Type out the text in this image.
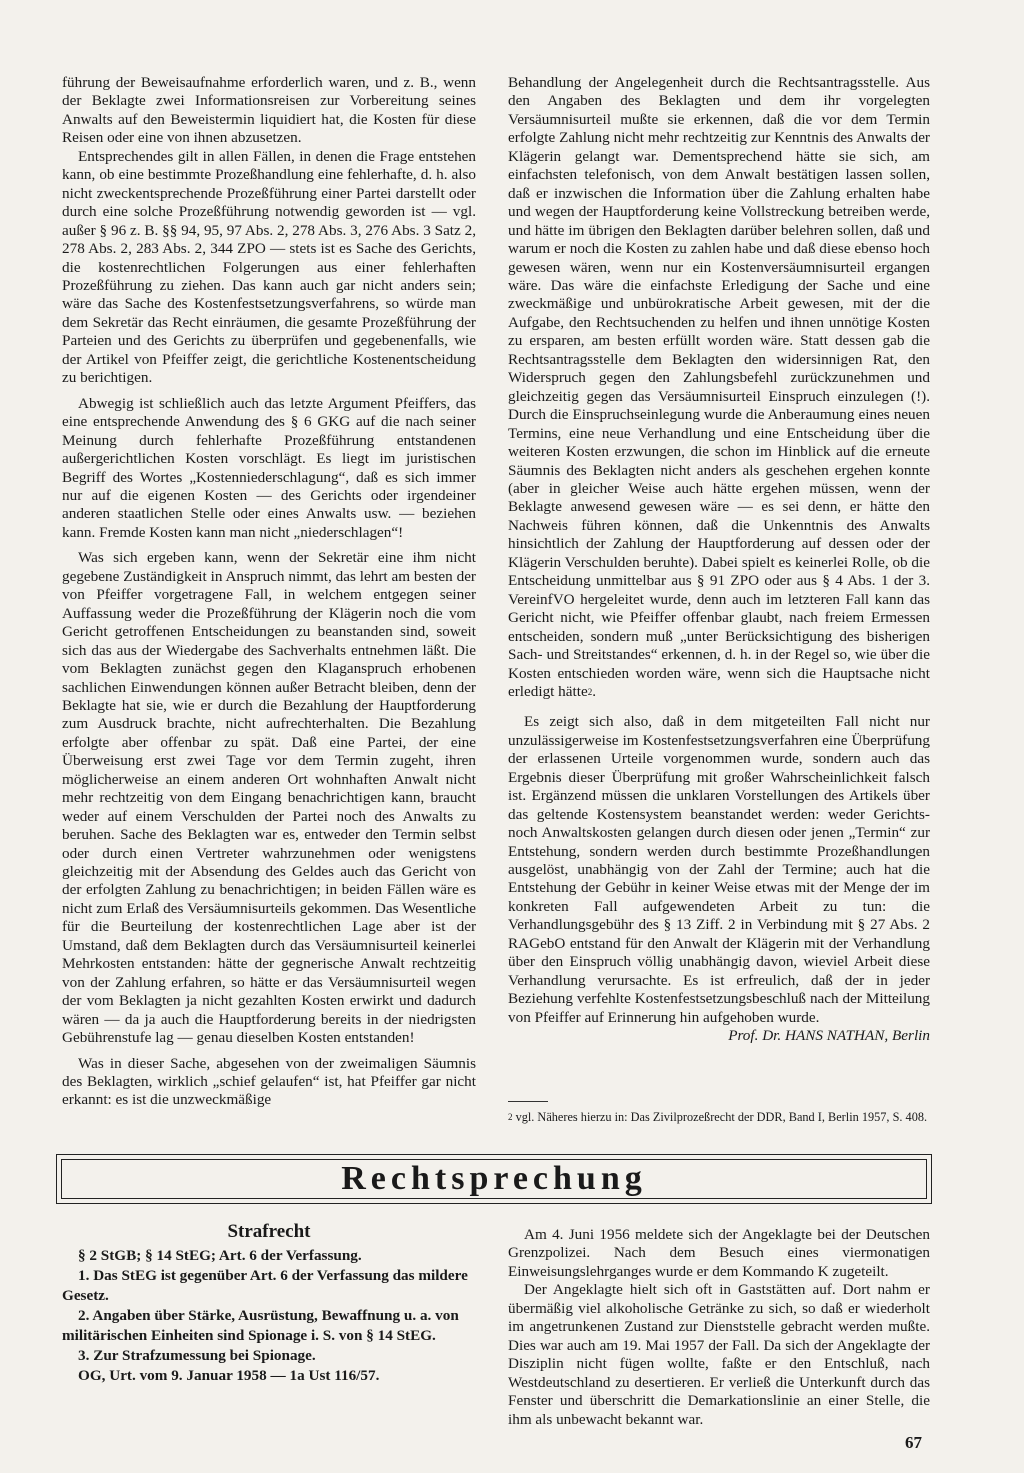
führung der Beweisaufnahme erforderlich waren, und z. B., wenn der Beklagte zwei Informationsreisen zur Vorbereitung seines Anwalts auf den Beweistermin liquidiert hat, die Kosten für diese Reisen oder eine von ihnen abzusetzen.

Entsprechendes gilt in allen Fällen, in denen die Frage entstehen kann, ob eine bestimmte Prozeßhandlung eine fehlerhafte, d. h. also nicht zweckentsprechende Prozeßführung einer Partei darstellt oder durch eine solche Prozeßführung notwendig geworden ist — vgl. außer § 96 z. B. §§ 94, 95, 97 Abs. 2, 278 Abs. 3, 276 Abs. 3 Satz 2, 278 Abs. 2, 283 Abs. 2, 344 ZPO — stets ist es Sache des Gerichts, die kostenrechtlichen Folgerungen aus einer fehlerhaften Prozeßführung zu ziehen. Das kann auch gar nicht anders sein; wäre das Sache des Kostenfestsetzungsverfahrens, so würde man dem Sekretär das Recht einräumen, die gesamte Prozeßführung der Parteien und des Gerichts zu überprüfen und gegebenenfalls, wie der Artikel von Pfeiffer zeigt, die gerichtliche Kostenentscheidung zu berichtigen.

Abwegig ist schließlich auch das letzte Argument Pfeiffers, das eine entsprechende Anwendung des § 6 GKG auf die nach seiner Meinung durch fehlerhafte Prozeßführung entstandenen außergerichtlichen Kosten vorschlägt. Es liegt im juristischen Begriff des Wortes „Kostenniederschlagung“, daß es sich immer nur auf die eigenen Kosten — des Gerichts oder irgendeiner anderen staatlichen Stelle oder eines Anwalts usw. — beziehen kann. Fremde Kosten kann man nicht „niederschlagen“!

Was sich ergeben kann, wenn der Sekretär eine ihm nicht gegebene Zuständigkeit in Anspruch nimmt, das lehrt am besten der von Pfeiffer vorgetragene Fall, in welchem entgegen seiner Auffassung weder die Prozeßführung der Klägerin noch die vom Gericht getroffenen Entscheidungen zu beanstanden sind, soweit sich das aus der Wiedergabe des Sachverhalts entnehmen läßt. Die vom Beklagten zunächst gegen den Klaganspruch erhobenen sachlichen Einwendungen können außer Betracht bleiben, denn der Beklagte hat sie, wie er durch die Bezahlung der Hauptforderung zum Ausdruck brachte, nicht aufrechterhalten. Die Bezahlung erfolgte aber offenbar zu spät. Daß eine Partei, der eine Überweisung erst zwei Tage vor dem Termin zugeht, ihren möglicherweise an einem anderen Ort wohnhaften Anwalt nicht mehr rechtzeitig von dem Eingang benachrichtigen kann, braucht weder auf einem Verschulden der Partei noch des Anwalts zu beruhen. Sache des Beklagten war es, entweder den Termin selbst oder durch einen Vertreter wahrzunehmen oder wenigstens gleichzeitig mit der Absendung des Geldes auch das Gericht von der erfolgten Zahlung zu benachrichtigen; in beiden Fällen wäre es nicht zum Erlaß des Versäumnisurteils gekommen. Das Wesentliche für die Beurteilung der kostenrechtlichen Lage aber ist der Umstand, daß dem Beklagten durch das Versäumnisurteil keinerlei Mehrkosten entstanden: hätte der gegnerische Anwalt rechtzeitig von der Zahlung erfahren, so hätte er das Versäumnisurteil wegen der vom Beklagten ja nicht gezahlten Kosten erwirkt und dadurch wären — da ja auch die Hauptforderung bereits in der niedrigsten Gebührenstufe lag — genau dieselben Kosten entstanden!

Was in dieser Sache, abgesehen von der zweimaligen Säumnis des Beklagten, wirklich „schief gelaufen“ ist, hat Pfeiffer gar nicht erkannt: es ist die unzweckmäßige

Behandlung der Angelegenheit durch die Rechtsantragsstelle. Aus den Angaben des Beklagten und dem ihr vorgelegten Versäumnisurteil mußte sie erkennen, daß die vor dem Termin erfolgte Zahlung nicht mehr rechtzeitig zur Kenntnis des Anwalts der Klägerin gelangt war. Dementsprechend hätte sie sich, am einfachsten telefonisch, von dem Anwalt bestätigen lassen sollen, daß er inzwischen die Information über die Zahlung erhalten habe und wegen der Hauptforderung keine Vollstreckung betreiben werde, und hätte im übrigen den Beklagten darüber belehren sollen, daß und warum er noch die Kosten zu zahlen habe und daß diese ebenso hoch gewesen wären, wenn nur ein Kostenversäumnisurteil ergangen wäre. Das wäre die einfachste Erledigung der Sache und eine zweckmäßige und unbürokratische Arbeit gewesen, mit der die Aufgabe, den Rechtsuchenden zu helfen und ihnen unnötige Kosten zu ersparen, am besten erfüllt worden wäre. Statt dessen gab die Rechtsantragsstelle dem Beklagten den widersinnigen Rat, den Widerspruch gegen den Zahlungsbefehl zurückzunehmen und gleichzeitig gegen das Versäumnisurteil Einspruch einzulegen (!). Durch die Einspruchseinlegung wurde die Anberaumung eines neuen Termins, eine neue Verhandlung und eine Entscheidung über die weiteren Kosten erzwungen, die schon im Hinblick auf die erneute Säumnis des Beklagten nicht anders als geschehen ergehen konnte (aber in gleicher Weise auch hätte ergehen müssen, wenn der Beklagte anwesend gewesen wäre — es sei denn, er hätte den Nachweis führen können, daß die Unkenntnis des Anwalts hinsichtlich der Zahlung der Hauptforderung auf dessen oder der Klägerin Verschulden beruhte). Dabei spielt es keinerlei Rolle, ob die Entscheidung unmittelbar aus § 91 ZPO oder aus § 4 Abs. 1 der 3. VereinfVO hergeleitet wurde, denn auch im letzteren Fall kann das Gericht nicht, wie Pfeiffer offenbar glaubt, nach freiem Ermessen entscheiden, sondern muß „unter Berücksichtigung des bisherigen Sach- und Streitstandes“ erkennen, d. h. in der Regel so, wie über die Kosten entschieden worden wäre, wenn sich die Hauptsache nicht erledigt hätte$^2$.

Es zeigt sich also, daß in dem mitgeteilten Fall nicht nur unzulässigerweise im Kostenfestsetzungsverfahren eine Überprüfung der erlassenen Urteile vorgenommen wurde, sondern auch das Ergebnis dieser Überprüfung mit großer Wahrscheinlichkeit falsch ist. Ergänzend müssen die unklaren Vorstellungen des Artikels über das geltende Kostensystem beanstandet werden: weder Gerichts- noch Anwaltskosten gelangen durch diesen oder jenen „Termin“ zur Entstehung, sondern werden durch bestimmte Prozeßhandlungen ausgelöst, unabhängig von der Zahl der Termine; auch hat die Entstehung der Gebühr in keiner Weise etwas mit der Menge der im konkreten Fall aufgewendeten Arbeit zu tun: die Verhandlungsgebühr des § 13 Ziff. 2 in Verbindung mit § 27 Abs. 2 RAGebO entstand für den Anwalt der Klägerin mit der Verhandlung über den Einspruch völlig unabhängig davon, wieviel Arbeit diese Verhandlung verursachte. Es ist erfreulich, daß der in jeder Beziehung verfehlte Kostenfestsetzungsbeschluß nach der Mitteilung von Pfeiffer auf Erinnerung hin aufgehoben wurde.

Prof. Dr. HANS NATHAN, Berlin

$^2$ vgl. Näheres hierzu in: Das Zivilprozeßrecht der DDR, Band I, Berlin 1957, S. 408.
Rechtsprechung
Strafrecht

§ 2 StGB; § 14 StEG; Art. 6 der Verfassung.

1. Das StEG ist gegenüber Art. 6 der Verfassung das mildere Gesetz.

2. Angaben über Stärke, Ausrüstung, Bewaffnung u. a. von militärischen Einheiten sind Spionage i. S. von § 14 StEG.

3. Zur Strafzumessung bei Spionage.

OG, Urt. vom 9. Januar 1958 — 1a Ust 116/57.

Am 4. Juni 1956 meldete sich der Angeklagte bei der Deutschen Grenzpolizei. Nach dem Besuch eines viermonatigen Einweisungslehrganges wurde er dem Kommando K zugeteilt.

Der Angeklagte hielt sich oft in Gaststätten auf. Dort nahm er übermäßig viel alkoholische Getränke zu sich, so daß er wiederholt im angetrunkenen Zustand zur Dienststelle gebracht werden mußte. Dies war auch am 19. Mai 1957 der Fall. Da sich der Angeklagte der Disziplin nicht fügen wollte, faßte er den Entschluß, nach Westdeutschland zu desertieren. Er verließ die Unterkunft durch das Fenster und überschritt die Demarkationslinie an einer Stelle, die ihm als unbewacht bekannt war.

67
